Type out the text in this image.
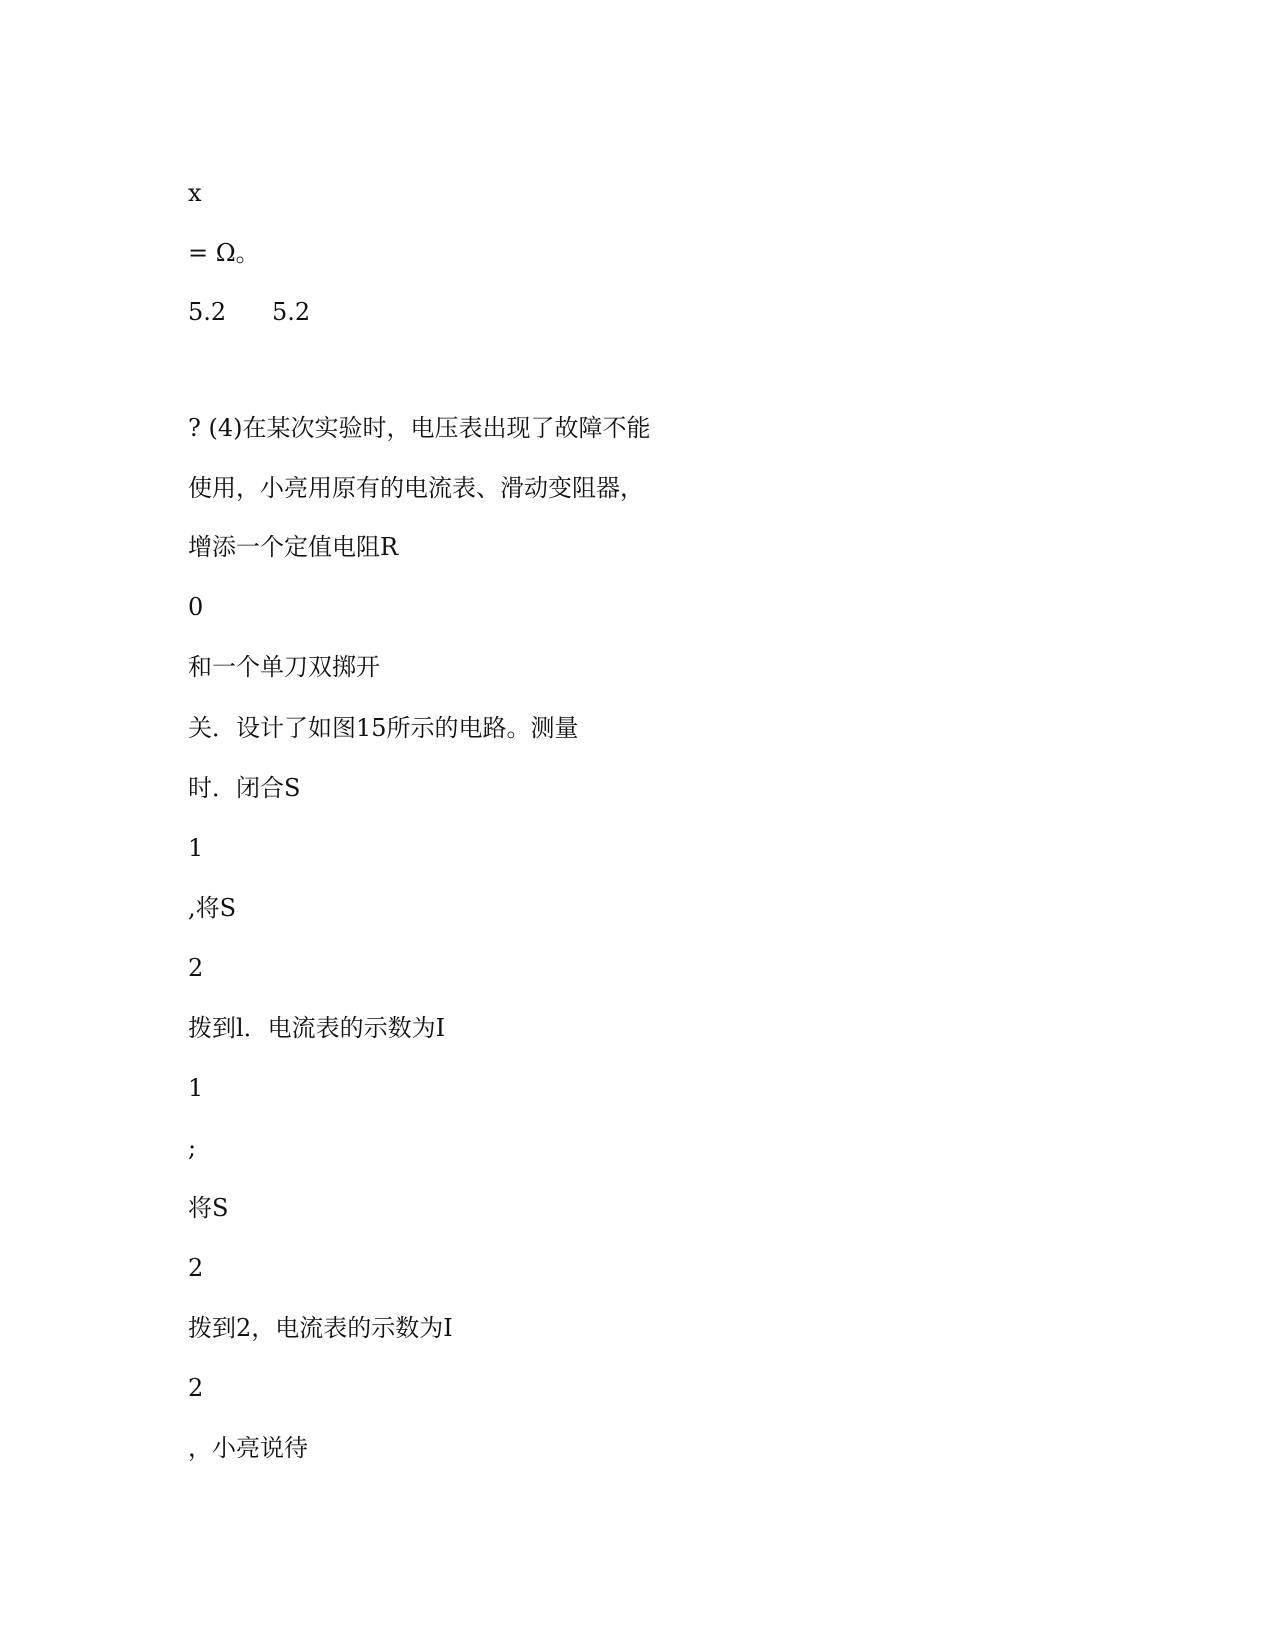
x

= Ω。

5.2      5.2

? (4)在某次实验时，电压表出现了故障不能

使用，小亮用原有的电流表、滑动变阻器，

增添一个定值电阻R

0

和一个单刀双掷开

关．设计了如图15所示的电路。测量

时．闭合S

1

,将S

2

拨到l．电流表的示数为I

1

;

将S

2

拨到2，电流表的示数为I

2

，小亮说待
